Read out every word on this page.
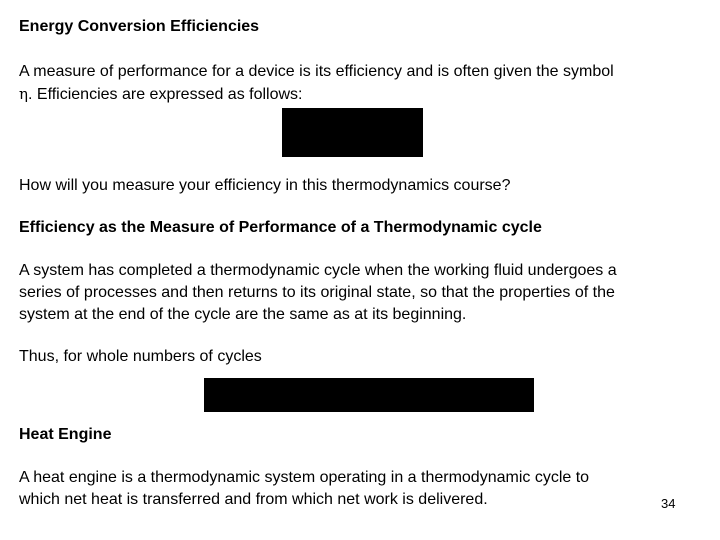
Energy Conversion Efficiencies
A measure of performance for a device is its efficiency and is often given the symbol
η. Efficiencies are expressed as follows:
How will you measure your efficiency in this thermodynamics course?
Efficiency as the Measure of Performance of a Thermodynamic cycle
A system has completed a thermodynamic cycle when the working fluid undergoes a
series of processes and then returns to its original state, so that the properties of the
system at the end of the cycle are the same as at its beginning.
Thus, for whole numbers of cycles
Heat Engine
A heat engine is a thermodynamic system operating in a thermodynamic cycle to
which net heat is transferred and from which net work is delivered.	34
